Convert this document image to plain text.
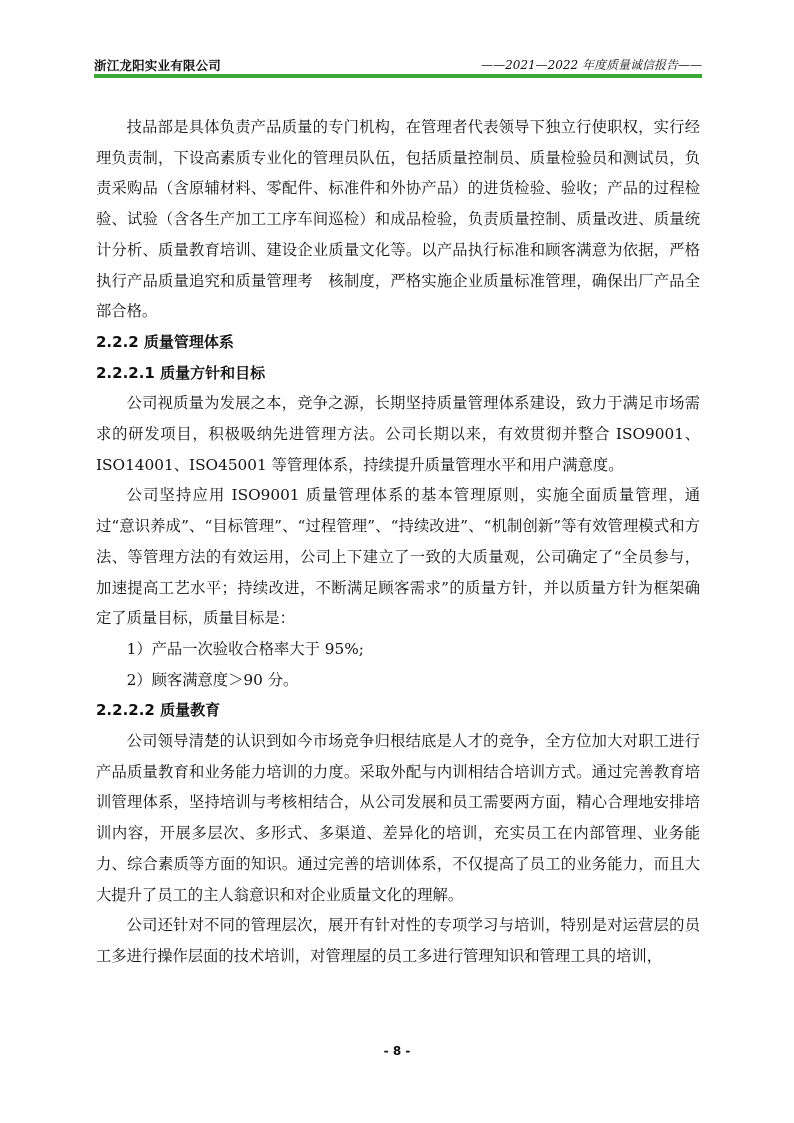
浙江龙阳实业有限公司	——2021—2022 年度质量诚信报告——

技品部是具体负责产品质量的专门机构，在管理者代表领导下独立行使职权，实行经理负责制，下设高素质专业化的管理员队伍，包括质量控制员、质量检验员和测试员，负责采购品（含原辅材料、零配件、标准件和外协产品）的进货检验、验收；产品的过程检验、试验（含各生产加工工序车间巡检）和成品检验，负责质量控制、质量改进、质量统计分析、质量教育培训、建设企业质量文化等。以产品执行标准和顾客满意为依据，严格执行产品质量追究和质量管理考　核制度，严格实施企业质量标准管理，确保出厂产品全部合格。

2.2.2 质量管理体系
2.2.2.1 质量方针和目标

公司视质量为发展之本，竞争之源，长期坚持质量管理体系建设，致力于满足市场需求的研发项目，积极吸纳先进管理方法。公司长期以来，有效贯彻并整合 ISO9001、ISO14001、ISO45001 等管理体系，持续提升质量管理水平和用户满意度。

公司坚持应用 ISO9001 质量管理体系的基本管理原则，实施全面质量管理，通过“意识养成”、“目标管理”、“过程管理”、“持续改进”、“机制创新”等有效管理模式和方法、等管理方法的有效运用，公司上下建立了一致的大质量观，公司确定了“全员参与，加速提高工艺水平；持续改进，不断满足顾客需求”的质量方针，并以质量方针为框架确定了质量目标，质量目标是：

1）产品一次验收合格率大于 95%;

2）顾客满意度＞90 分。

2.2.2.2 质量教育

公司领导清楚的认识到如今市场竞争归根结底是人才的竞争，全方位加大对职工进行产品质量教育和业务能力培训的力度。采取外配与内训相结合培训方式。通过完善教育培训管理体系，坚持培训与考核相结合，从公司发展和员工需要两方面，精心合理地安排培训内容，开展多层次、多形式、多渠道、差异化的培训，充实员工在内部管理、业务能力、综合素质等方面的知识。通过完善的培训体系，不仅提高了员工的业务能力，而且大大提升了员工的主人翁意识和对企业质量文化的理解。

公司还针对不同的管理层次，展开有针对性的专项学习与培训，特别是对运营层的员工多进行操作层面的技术培训，对管理屋的员工多进行管理知识和管理工具的培训，

- 8 -
